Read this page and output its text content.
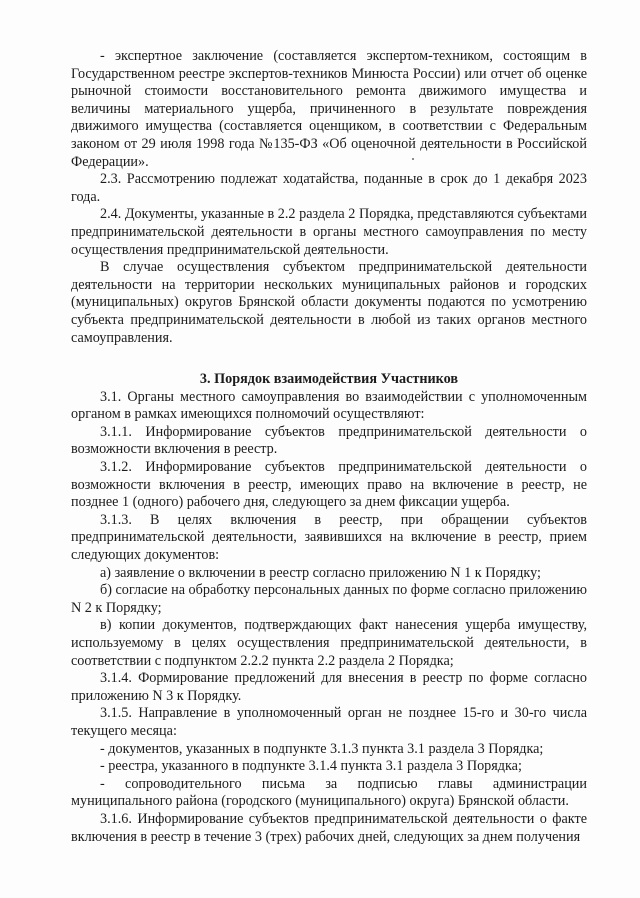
- экспертное заключение (составляется экспертом-техником, состоящим в Государственном реестре экспертов-техников Минюста России) или отчет об оценке рыночной стоимости восстановительного ремонта движимого имущества и величины материального ущерба, причиненного в результате повреждения движимого имущества (составляется оценщиком, в соответствии с Федеральным законом от 29 июля 1998 года №135-ФЗ «Об оценочной деятельности в Российской Федерации».

2.3. Рассмотрению подлежат ходатайства, поданные в срок до 1 декабря 2023 года.

2.4. Документы, указанные в 2.2 раздела 2 Порядка, представляются субъектами предпринимательской деятельности в органы местного самоуправления по месту осуществления предпринимательской деятельности.

В случае осуществления субъектом предпринимательской деятельности деятельности на территории нескольких муниципальных районов и городских (муниципальных) округов Брянской области документы подаются по усмотрению субъекта предпринимательской деятельности в любой из таких органов местного самоуправления.

3. Порядок взаимодействия Участников

3.1. Органы местного самоуправления во взаимодействии с уполномоченным органом в рамках имеющихся полномочий осуществляют:

3.1.1. Информирование субъектов предпринимательской деятельности о возможности включения в реестр.

3.1.2. Информирование субъектов предпринимательской деятельности о возможности включения в реестр, имеющих право на включение в реестр, не позднее 1 (одного) рабочего дня, следующего за днем фиксации ущерба.

3.1.3. В целях включения в реестр, при обращении субъектов предпринимательской деятельности, заявившихся на включение в реестр, прием следующих документов:

а) заявление о включении в реестр согласно приложению N 1 к Порядку;

б) согласие на обработку персональных данных по форме согласно приложению N 2 к Порядку;

в) копии документов, подтверждающих факт нанесения ущерба имуществу, используемому в целях осуществления предпринимательской деятельности, в соответствии с подпунктом 2.2.2 пункта 2.2 раздела 2 Порядка;

3.1.4. Формирование предложений для внесения в реестр по форме согласно приложению N 3 к Порядку.

3.1.5. Направление в уполномоченный орган не позднее 15-го и 30-го числа текущего месяца:

- документов, указанных в подпункте 3.1.3 пункта 3.1 раздела 3 Порядка;

- реестра, указанного в подпункте 3.1.4 пункта 3.1 раздела 3 Порядка;

- сопроводительного письма за подписью главы администрации муниципального района (городского (муниципального) округа) Брянской области.

3.1.6. Информирование субъектов предпринимательской деятельности о факте включения в реестр в течение 3 (трех) рабочих дней, следующих за днем получения
